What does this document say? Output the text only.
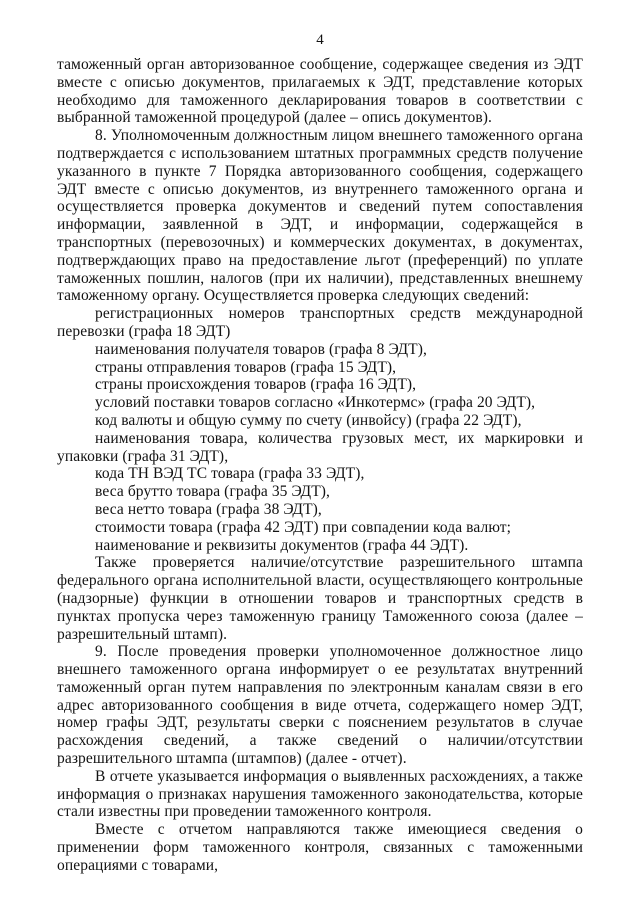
4

таможенный орган авторизованное сообщение, содержащее сведения из ЭДТ вместе с описью документов, прилагаемых к ЭДТ, представление которых необходимо для таможенного декларирования товаров в соответствии с выбранной таможенной процедурой (далее – опись документов).

8. Уполномоченным должностным лицом внешнего таможенного органа подтверждается с использованием штатных программных средств получение указанного в пункте 7 Порядка авторизованного сообщения, содержащего ЭДТ вместе с описью документов, из внутреннего таможенного органа и осуществляется проверка документов и сведений путем сопоставления информации, заявленной в ЭДТ, и информации, содержащейся в транспортных (перевозочных) и коммерческих документах, в документах, подтверждающих право на предоставление льгот (преференций) по уплате таможенных пошлин, налогов (при их наличии), представленных внешнему таможенному органу. Осуществляется проверка следующих сведений:

регистрационных номеров транспортных средств международной перевозки (графа 18 ЭДТ)

наименования получателя товаров (графа 8 ЭДТ),

страны отправления товаров (графа 15 ЭДТ),

страны происхождения товаров (графа 16 ЭДТ),

условий поставки товаров согласно «Инкотермс» (графа 20 ЭДТ),

код валюты и общую сумму по счету (инвойсу) (графа 22 ЭДТ),

наименования товара, количества грузовых мест, их маркировки и упаковки (графа 31 ЭДТ),

кода ТН ВЭД ТС товара (графа 33 ЭДТ),

веса брутто товара (графа 35 ЭДТ),

веса нетто товара (графа 38 ЭДТ),

стоимости товара (графа 42 ЭДТ) при совпадении кода валют;

наименование и реквизиты документов (графа 44 ЭДТ).

Также проверяется наличие/отсутствие разрешительного штампа федерального органа исполнительной власти, осуществляющего контрольные (надзорные) функции в отношении товаров и транспортных средств в пунктах пропуска через таможенную границу Таможенного союза (далее – разрешительный штамп).

9. После проведения проверки уполномоченное должностное лицо внешнего таможенного органа информирует о ее результатах внутренний таможенный орган путем направления по электронным каналам связи в его адрес авторизованного сообщения в виде отчета, содержащего номер ЭДТ, номер графы ЭДТ, результаты сверки с пояснением результатов в случае расхождения сведений, а также сведений о наличии/отсутствии разрешительного штампа (штампов) (далее - отчет).

В отчете указывается информация о выявленных расхождениях, а также информация о признаках нарушения таможенного законодательства, которые стали известны при проведении таможенного контроля.

Вместе с отчетом направляются также имеющиеся сведения о применении форм таможенного контроля, связанных с таможенными операциями с товарами,
